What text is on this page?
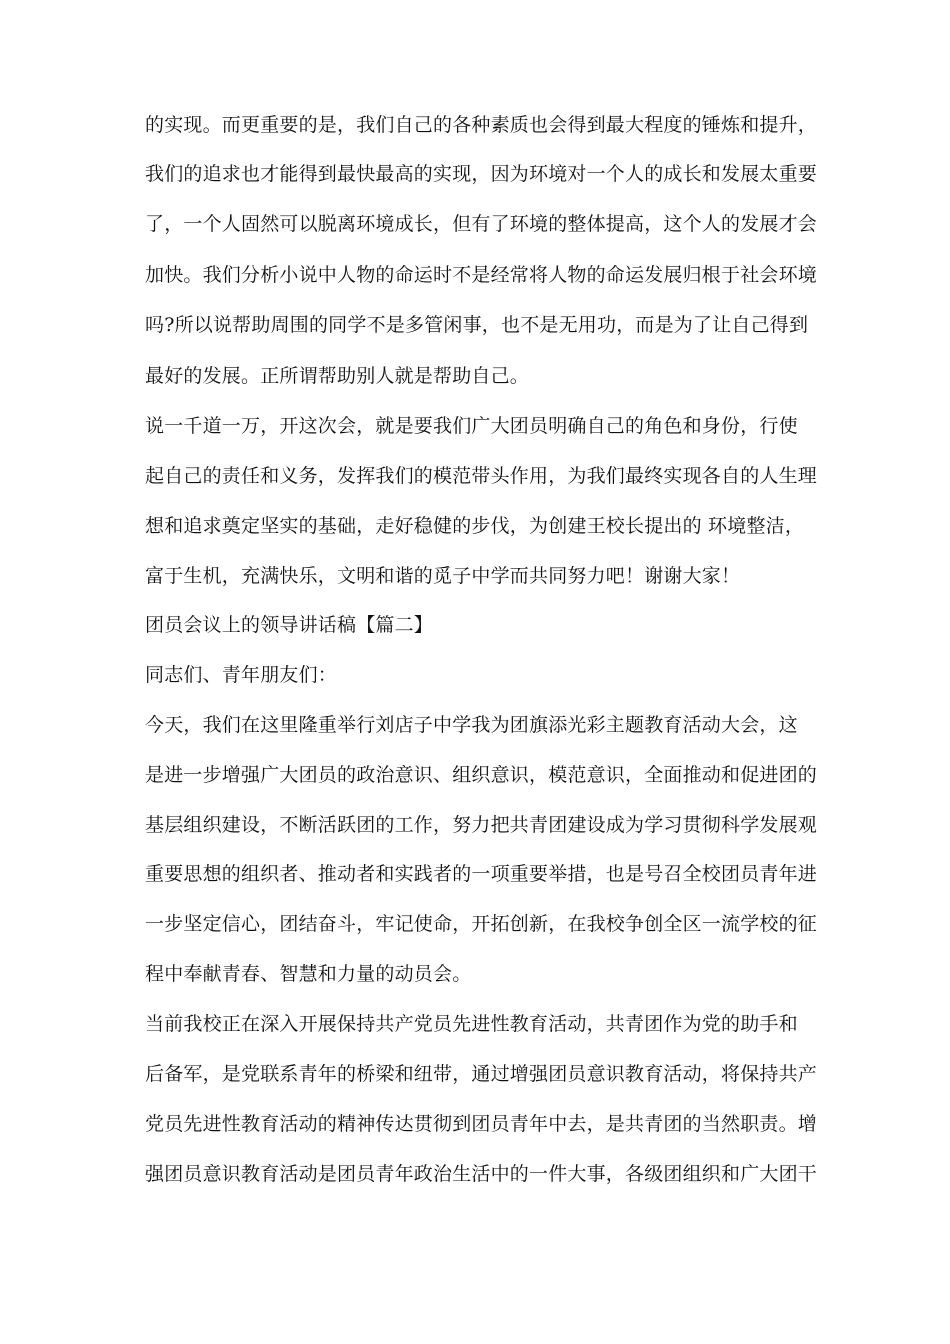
的实现。而更重要的是，我们自己的各种素质也会得到最大程度的锤炼和提升，
我们的追求也才能得到最快最高的实现，因为环境对一个人的成长和发展太重要
了，一个人固然可以脱离环境成长，但有了环境的整体提高，这个人的发展才会
加快。我们分析小说中人物的命运时不是经常将人物的命运发展归根于社会环境
吗?所以说帮助周围的同学不是多管闲事，也不是无用功，而是为了让自己得到
最好的发展。正所谓帮助别人就是帮助自己。
说一千道一万，开这次会，就是要我们广大团员明确自己的角色和身份，行使
起自己的责任和义务，发挥我们的模范带头作用，为我们最终实现各自的人生理
想和追求奠定坚实的基础，走好稳健的步伐，为创建王校长提出的 环境整洁，
富于生机，充满快乐，文明和谐的觅子中学而共同努力吧！谢谢大家！
团员会议上的领导讲话稿【篇二】
同志们、青年朋友们：
今天，我们在这里隆重举行刘店子中学我为团旗添光彩主题教育活动大会，这
是进一步增强广大团员的政治意识、组织意识，模范意识，全面推动和促进团的
基层组织建设，不断活跃团的工作，努力把共青团建设成为学习贯彻科学发展观
重要思想的组织者、推动者和实践者的一项重要举措，也是号召全校团员青年进
一步坚定信心，团结奋斗，牢记使命，开拓创新，在我校争创全区一流学校的征
程中奉献青春、智慧和力量的动员会。
当前我校正在深入开展保持共产党员先进性教育活动，共青团作为党的助手和
后备军，是党联系青年的桥梁和纽带，通过增强团员意识教育活动，将保持共产
党员先进性教育活动的精神传达贯彻到团员青年中去，是共青团的当然职责。增
强团员意识教育活动是团员青年政治生活中的一件大事，各级团组织和广大团干
